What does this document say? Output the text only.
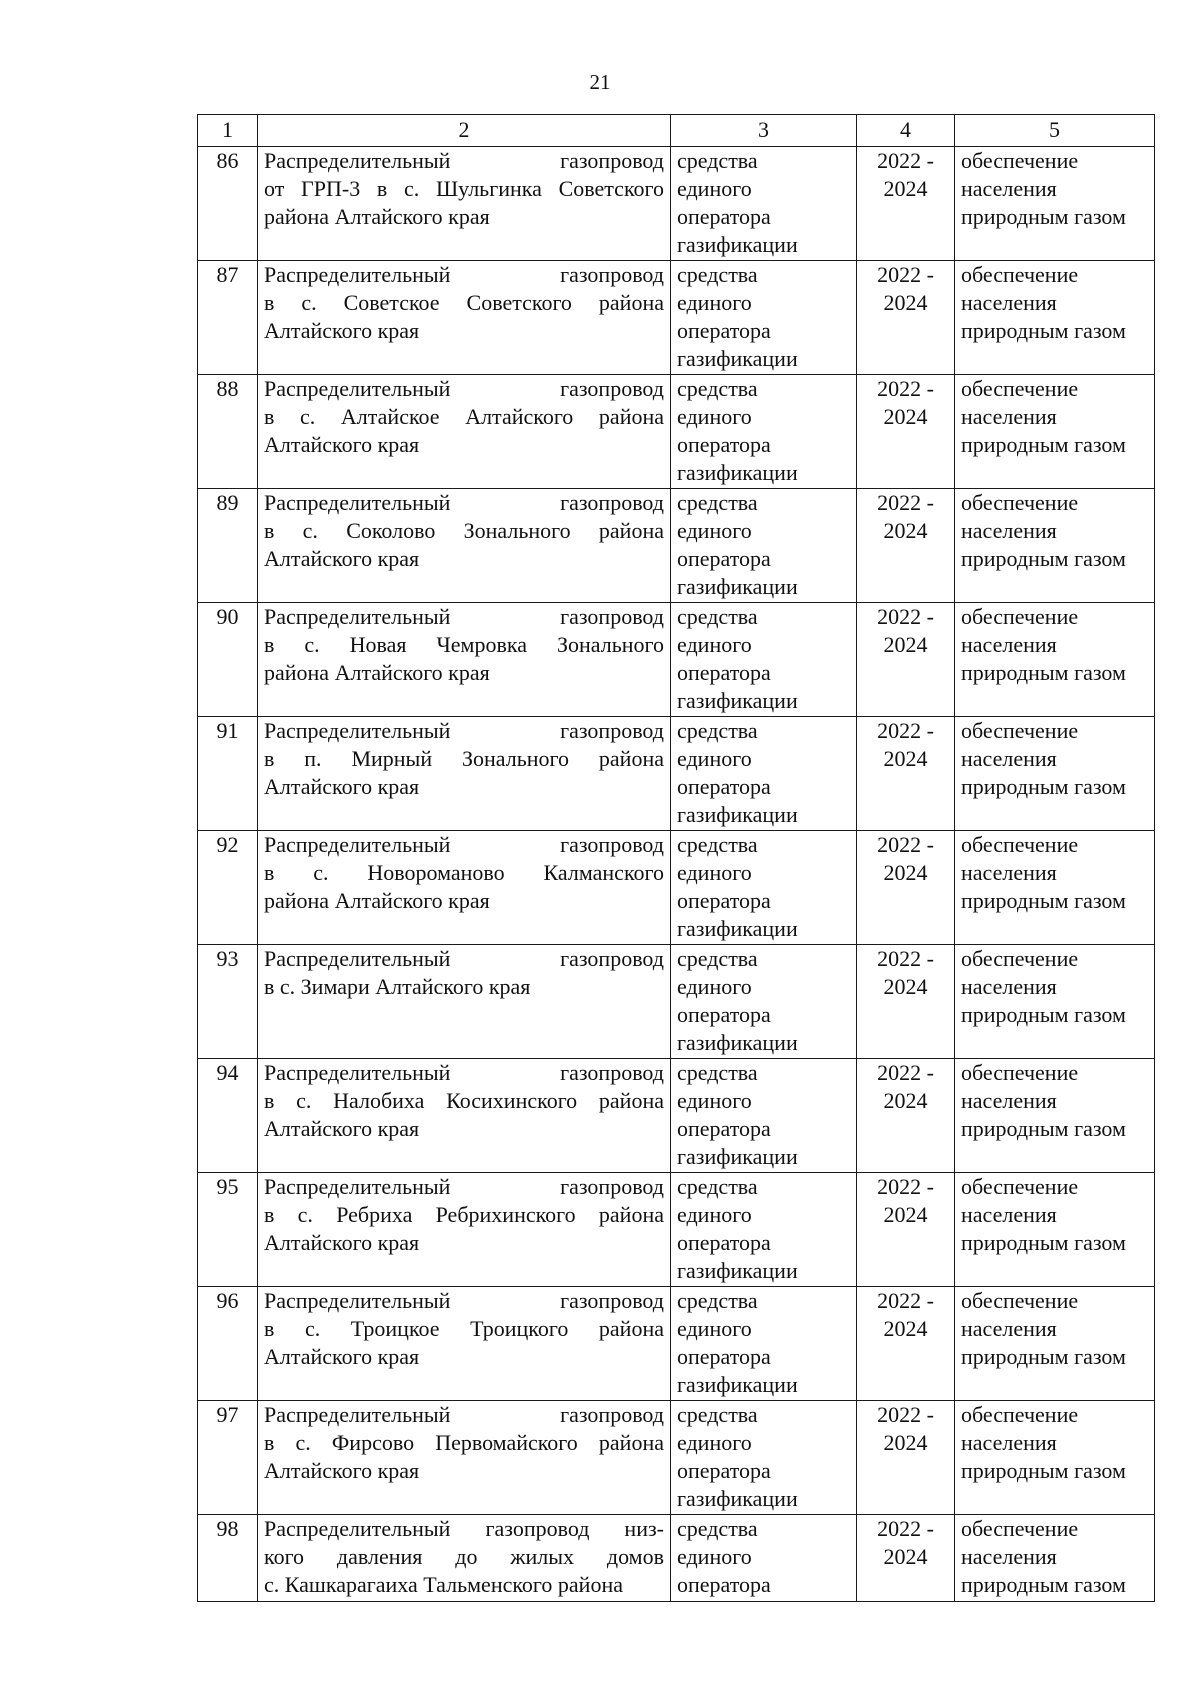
21
1	2	3	4	5
86	Распределительный газопровод
от ГРП-3 в с. Шульгинка Советского
района Алтайского края	средства
единого
оператора
газификации	2022 -
2024	обеспечение
населения
природным газом

87	Распределительный газопровод
в с. Советское Советского района
Алтайского края	средства
единого
оператора
газификации	2022 -
2024	обеспечение
населения
природным газом

88	Распределительный газопровод
в с. Алтайское Алтайского района
Алтайского края	средства
единого
оператора
газификации	2022 -
2024	обеспечение
населения
природным газом

89	Распределительный газопровод
в с. Соколово Зонального района
Алтайского края	средства
единого
оператора
газификации	2022 -
2024	обеспечение
населения
природным газом

90	Распределительный газопровод
в с. Новая Чемровка Зонального
района Алтайского края	средства
единого
оператора
газификации	2022 -
2024	обеспечение
населения
природным газом

91	Распределительный газопровод
в п. Мирный Зонального района
Алтайского края	средства
единого
оператора
газификации	2022 -
2024	обеспечение
населения
природным газом

92	Распределительный газопровод
в с. Новороманово Калманского
района Алтайского края	средства
единого
оператора
газификации	2022 -
2024	обеспечение
населения
природным газом

93	Распределительный газопровод
в с. Зимари Алтайского края	средства
единого
оператора
газификации	2022 -
2024	обеспечение
населения
природным газом

94	Распределительный газопровод
в с. Налобиха Косихинского района
Алтайского края	средства
единого
оператора
газификации	2022 -
2024	обеспечение
населения
природным газом

95	Распределительный газопровод
в с. Ребриха Ребрихинского района
Алтайского края	средства
единого
оператора
газификации	2022 -
2024	обеспечение
населения
природным газом

96	Распределительный газопровод
в с. Троицкое Троицкого района
Алтайского края	средства
единого
оператора
газификации	2022 -
2024	обеспечение
населения
природным газом

97	Распределительный газопровод
в с. Фирсово Первомайского района
Алтайского края	средства
единого
оператора
газификации	2022 -
2024	обеспечение
населения
природным газом

98	Распределительный газопровод низ-
кого давления до жилых домов
с. Кашкарагаиха Тальменского района	средства
единого
оператора	2022 -
2024	обеспечение
населения
природным газом
